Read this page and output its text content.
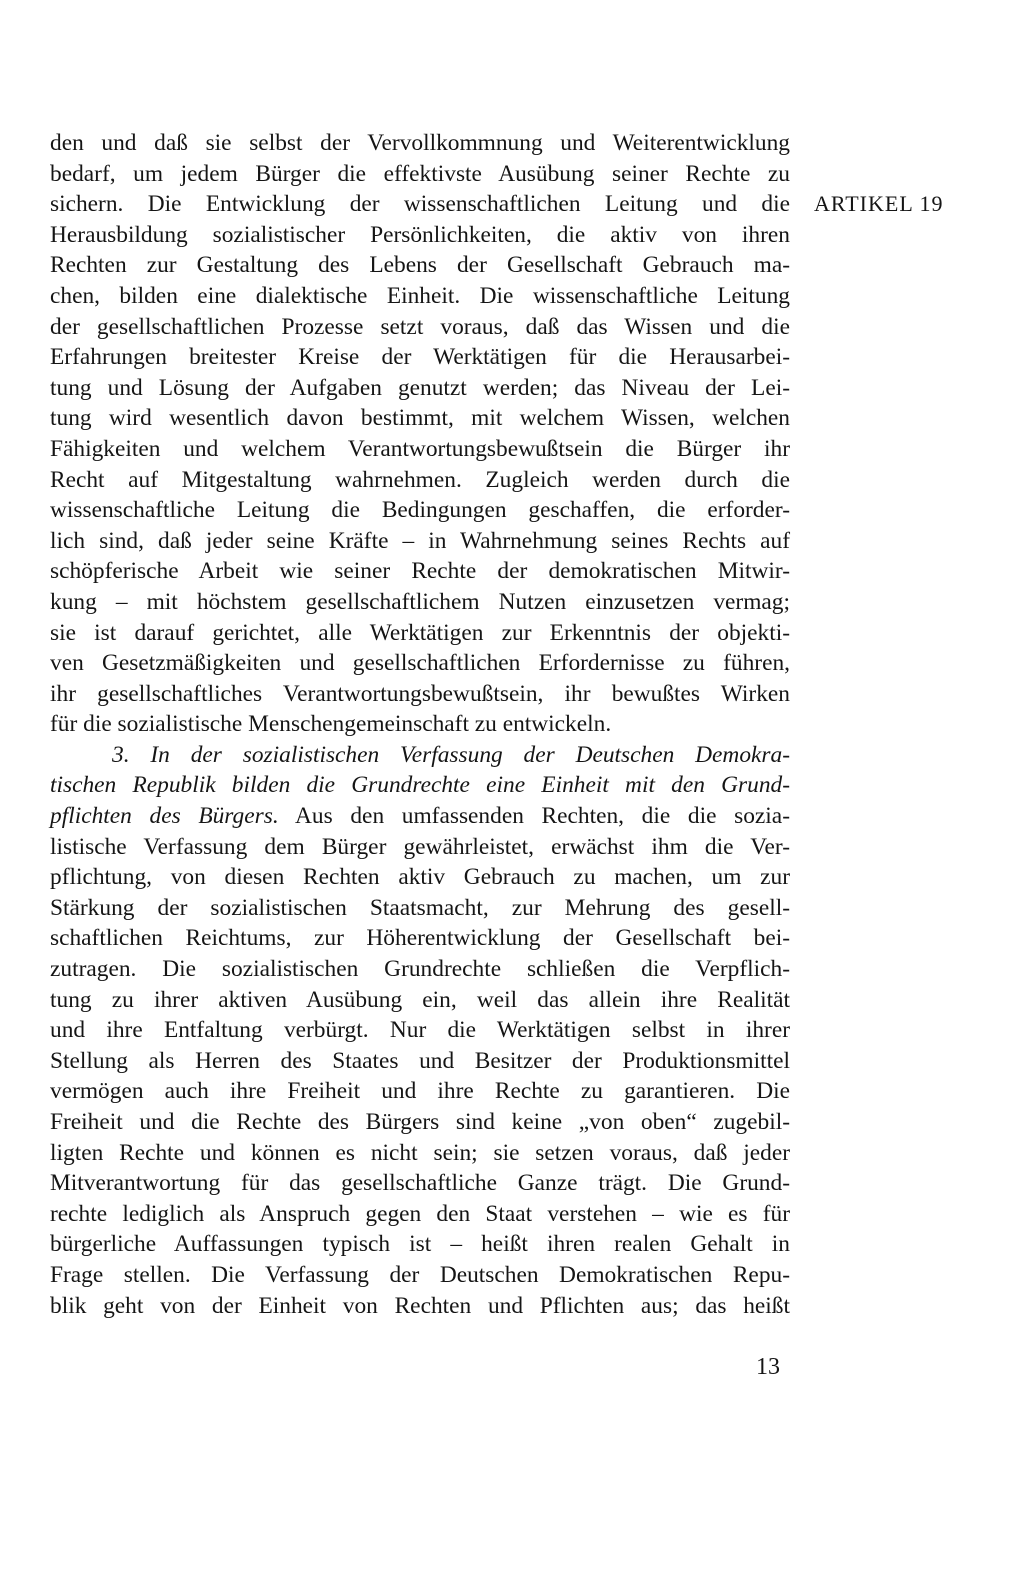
den und daß sie selbst der Vervollkommnung und Weiterentwicklung
bedarf, um jedem Bürger die effektivste Ausübung seiner Rechte zu
sichern. Die Entwicklung der wissenschaftlichen Leitung und die
Herausbildung sozialistischer Persönlichkeiten, die aktiv von ihren
Rechten zur Gestaltung des Lebens der Gesellschaft Gebrauch ma-
chen, bilden eine dialektische Einheit. Die wissenschaftliche Leitung
der gesellschaftlichen Prozesse setzt voraus, daß das Wissen und die
Erfahrungen breitester Kreise der Werktätigen für die Herausarbei-
tung und Lösung der Aufgaben genutzt werden; das Niveau der Lei-
tung wird wesentlich davon bestimmt, mit welchem Wissen, welchen
Fähigkeiten und welchem Verantwortungsbewußtsein die Bürger ihr
Recht auf Mitgestaltung wahrnehmen. Zugleich werden durch die
wissenschaftliche Leitung die Bedingungen geschaffen, die erforder-
lich sind, daß jeder seine Kräfte – in Wahrnehmung seines Rechts auf
schöpferische Arbeit wie seiner Rechte der demokratischen Mitwir-
kung – mit höchstem gesellschaftlichem Nutzen einzusetzen vermag;
sie ist darauf gerichtet, alle Werktätigen zur Erkenntnis der objekti-
ven Gesetzmäßigkeiten und gesellschaftlichen Erfordernisse zu führen,
ihr gesellschaftliches Verantwortungsbewußtsein, ihr bewußtes Wirken
für die sozialistische Menschengemeinschaft zu entwickeln.
3. In der sozialistischen Verfassung der Deutschen Demokra-
tischen Republik bilden die Grundrechte eine Einheit mit den Grund-
pflichten des Bürgers. Aus den umfassenden Rechten, die die sozia-
listische Verfassung dem Bürger gewährleistet, erwächst ihm die Ver-
pflichtung, von diesen Rechten aktiv Gebrauch zu machen, um zur
Stärkung der sozialistischen Staatsmacht, zur Mehrung des gesell-
schaftlichen Reichtums, zur Höherentwicklung der Gesellschaft bei-
zutragen. Die sozialistischen Grundrechte schließen die Verpflich-
tung zu ihrer aktiven Ausübung ein, weil das allein ihre Realität
und ihre Entfaltung verbürgt. Nur die Werktätigen selbst in ihrer
Stellung als Herren des Staates und Besitzer der Produktionsmittel
vermögen auch ihre Freiheit und ihre Rechte zu garantieren. Die
Freiheit und die Rechte des Bürgers sind keine „von oben“ zugebil-
ligten Rechte und können es nicht sein; sie setzen voraus, daß jeder
Mitverantwortung für das gesellschaftliche Ganze trägt. Die Grund-
rechte lediglich als Anspruch gegen den Staat verstehen – wie es für
bürgerliche Auffassungen typisch ist – heißt ihren realen Gehalt in
Frage stellen. Die Verfassung der Deutschen Demokratischen Repu-
blik geht von der Einheit von Rechten und Pflichten aus; das heißt
ARTIKEL 19
13
